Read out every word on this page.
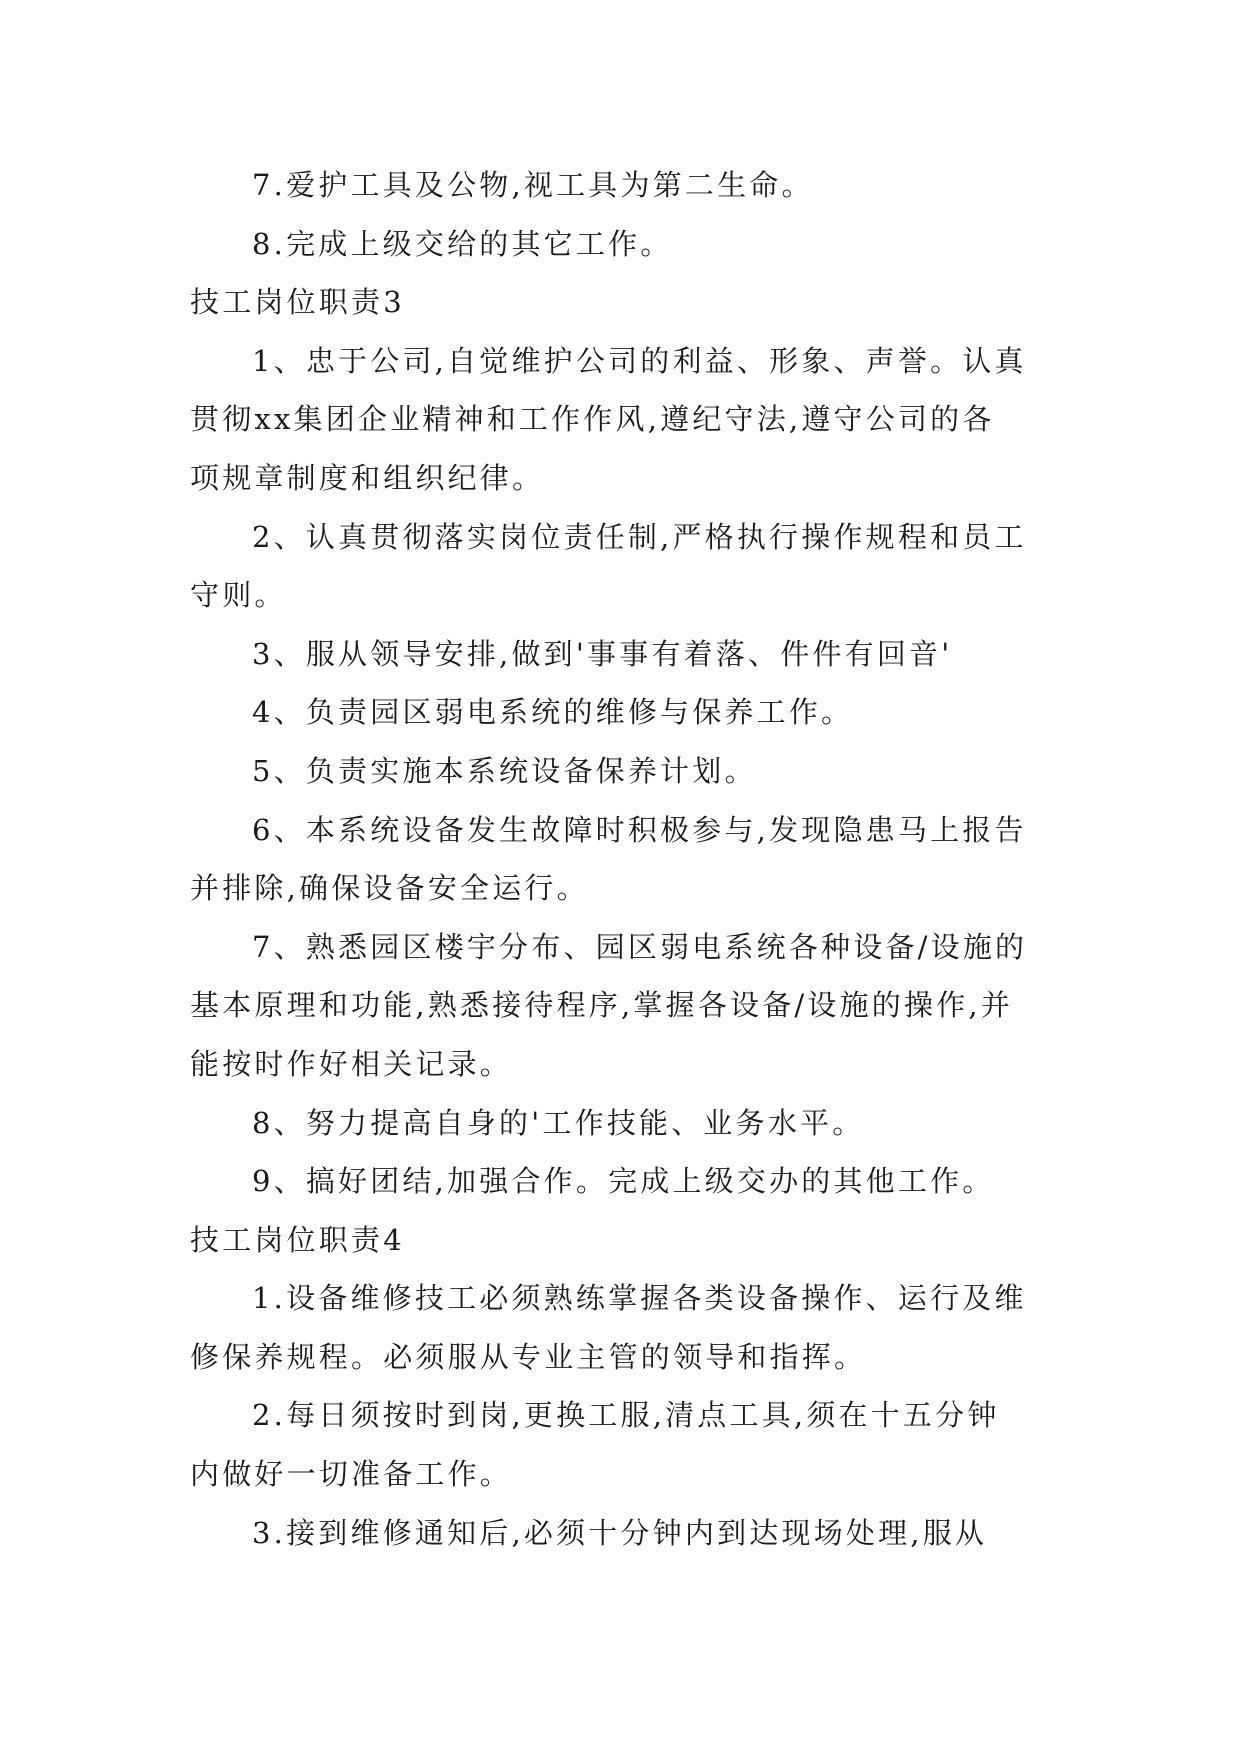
7.爱护工具及公物,视工具为第二生命。
8.完成上级交给的其它工作。
技工岗位职责3
1、忠于公司,自觉维护公司的利益、形象、声誉。认真
贯彻xx集团企业精神和工作作风,遵纪守法,遵守公司的各
项规章制度和组织纪律。
2、认真贯彻落实岗位责任制,严格执行操作规程和员工
守则。
3、服从领导安排,做到'事事有着落、件件有回音'
4、负责园区弱电系统的维修与保养工作。
5、负责实施本系统设备保养计划。
6、本系统设备发生故障时积极参与,发现隐患马上报告
并排除,确保设备安全运行。
7、熟悉园区楼宇分布、园区弱电系统各种设备/设施的
基本原理和功能,熟悉接待程序,掌握各设备/设施的操作,并
能按时作好相关记录。
8、努力提高自身的'工作技能、业务水平。
9、搞好团结,加强合作。完成上级交办的其他工作。
技工岗位职责4
1.设备维修技工必须熟练掌握各类设备操作、运行及维
修保养规程。必须服从专业主管的领导和指挥。
2.每日须按时到岗,更换工服,清点工具,须在十五分钟
内做好一切准备工作。
3.接到维修通知后,必须十分钟内到达现场处理,服从
